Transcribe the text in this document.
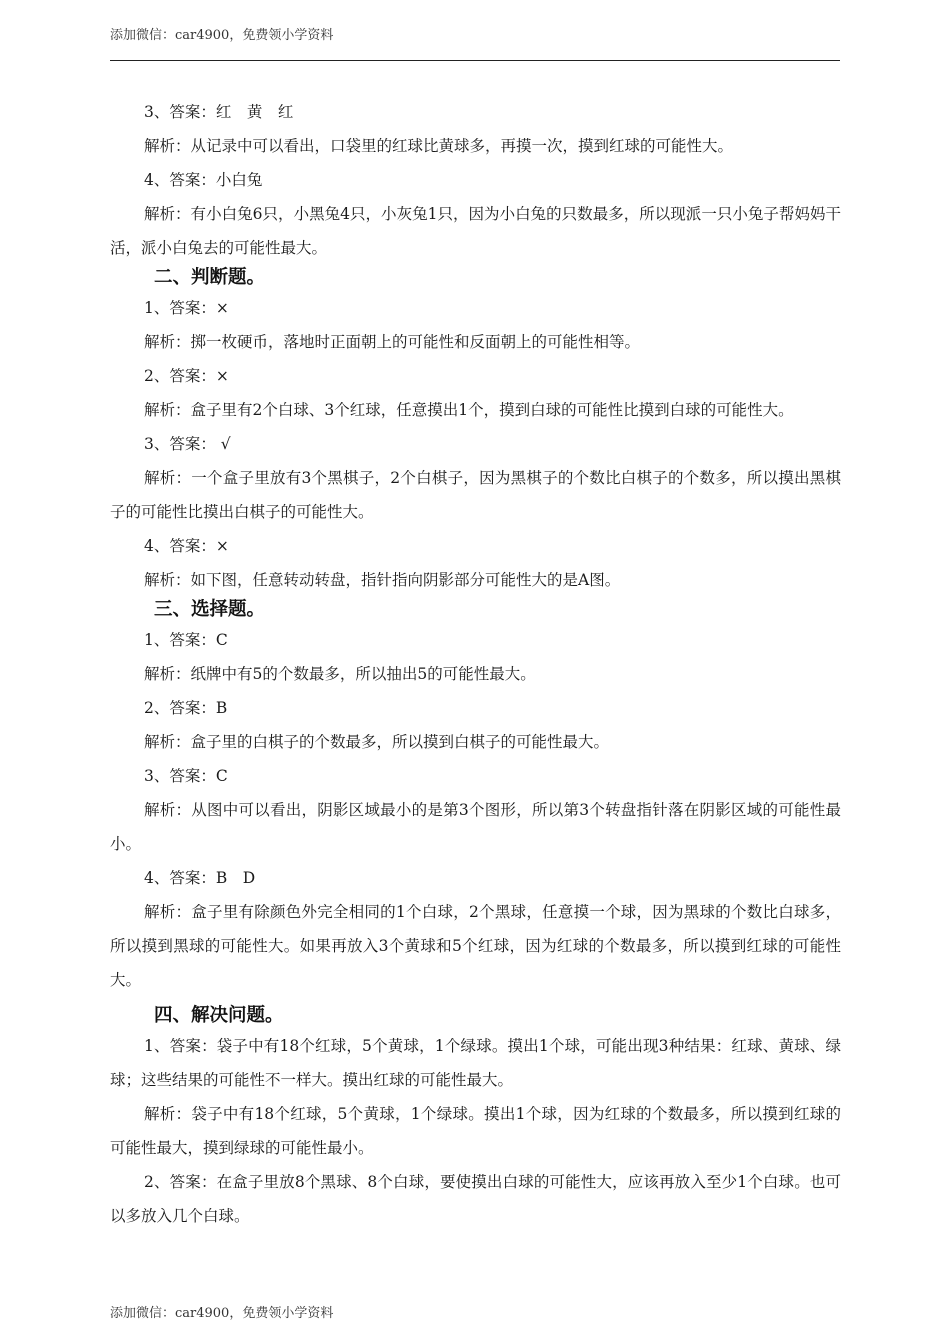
添加微信：car4900，免费领小学资料

3、答案：红　黄　红

解析：从记录中可以看出，口袋里的红球比黄球多，再摸一次，摸到红球的可能性大。

4、答案：小白兔

解析：有小白兔6只，小黑兔4只，小灰兔1只，因为小白兔的只数最多，所以现派一只小兔子帮妈妈干活，派小白兔去的可能性最大。

二、判断题。

1、答案：×

解析：掷一枚硬币，落地时正面朝上的可能性和反面朝上的可能性相等。

2、答案：×

解析：盒子里有2个白球、3个红球，任意摸出1个，摸到白球的可能性比摸到白球的可能性大。

3、答案： √

解析：一个盒子里放有3个黑棋子，2个白棋子，因为黑棋子的个数比白棋子的个数多，所以摸出黑棋子的可能性比摸出白棋子的可能性大。

4、答案：×

解析：如下图，任意转动转盘，指针指向阴影部分可能性大的是A图。

三、选择题。

1、答案：C

解析：纸牌中有5的个数最多，所以抽出5的可能性最大。

2、答案：B

解析：盒子里的白棋子的个数最多，所以摸到白棋子的可能性最大。

3、答案：C

解析：从图中可以看出，阴影区域最小的是第3个图形，所以第3个转盘指针落在阴影区域的可能性最小。

4、答案：B　D

解析：盒子里有除颜色外完全相同的1个白球，2个黑球，任意摸一个球，因为黑球的个数比白球多，所以摸到黑球的可能性大。如果再放入3个黄球和5个红球，因为红球的个数最多，所以摸到红球的可能性大。

四、解决问题。

1、答案：袋子中有18个红球，5个黄球，1个绿球。摸出1个球，可能出现3种结果：红球、黄球、绿球；这些结果的可能性不一样大。摸出红球的可能性最大。

解析：袋子中有18个红球，5个黄球，1个绿球。摸出1个球，因为红球的个数最多，所以摸到红球的可能性最大，摸到绿球的可能性最小。

2、答案：在盒子里放8个黑球、8个白球，要使摸出白球的可能性大，应该再放入至少1个白球。也可以多放入几个白球。

添加微信：car4900，免费领小学资料
